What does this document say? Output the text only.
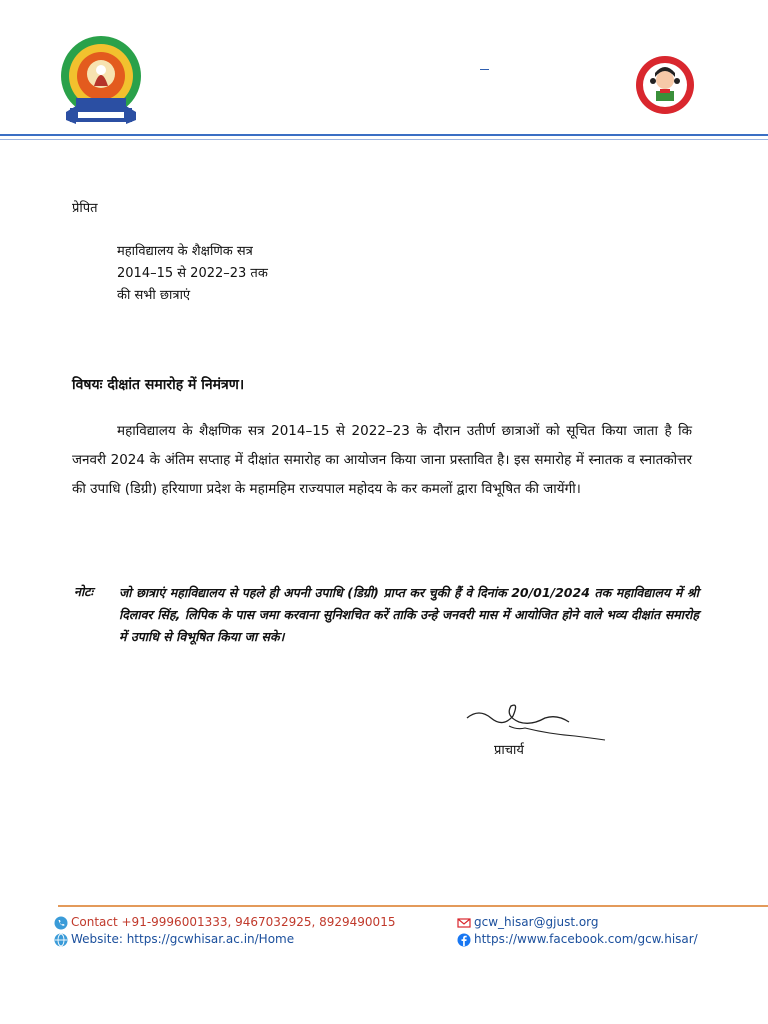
प्रेपित
महाविद्यालय के शैक्षणिक सत्र
2014–15 से 2022–23 तक
की सभी छात्राएं
विषयः दीक्षांत समारोह में निमंत्रण।
महाविद्यालय के शैक्षणिक सत्र 2014–15 से 2022–23 के दौरान उतीर्ण छात्राओं को सूचित किया जाता है कि जनवरी 2024 के अंतिम सप्ताह में दीक्षांत समारोह का आयोजन किया जाना प्रस्तावित है। इस समारोह में स्नातक व स्नातकोत्तर की उपाधि (डिग्री) हरियाणा प्रदेश के महामहिम राज्यपाल महोदय के कर कमलों द्वारा विभूषित की जायेंगी।
नोटः जो छात्राएं महाविद्यालय से पहले ही अपनी उपाधि (डिग्री) प्राप्त कर चुकी हैं वे दिनांक 20/01/2024 तक महाविद्यालय में श्री दिलावर सिंह, लिपिक के पास जमा करवाना सुनिशचित करें ताकि उन्हे जनवरी मास में आयोजित होने वाले भव्य दीक्षांत समारोह में उपाधि से विभूषित किया जा सके।
प्राचार्य
Contact +91-9996001333, 9467032925, 8929490015
Website: https://gcwhisar.ac.in/Home
gcw_hisar@gjust.org
https://www.facebook.com/gcw.hisar/
